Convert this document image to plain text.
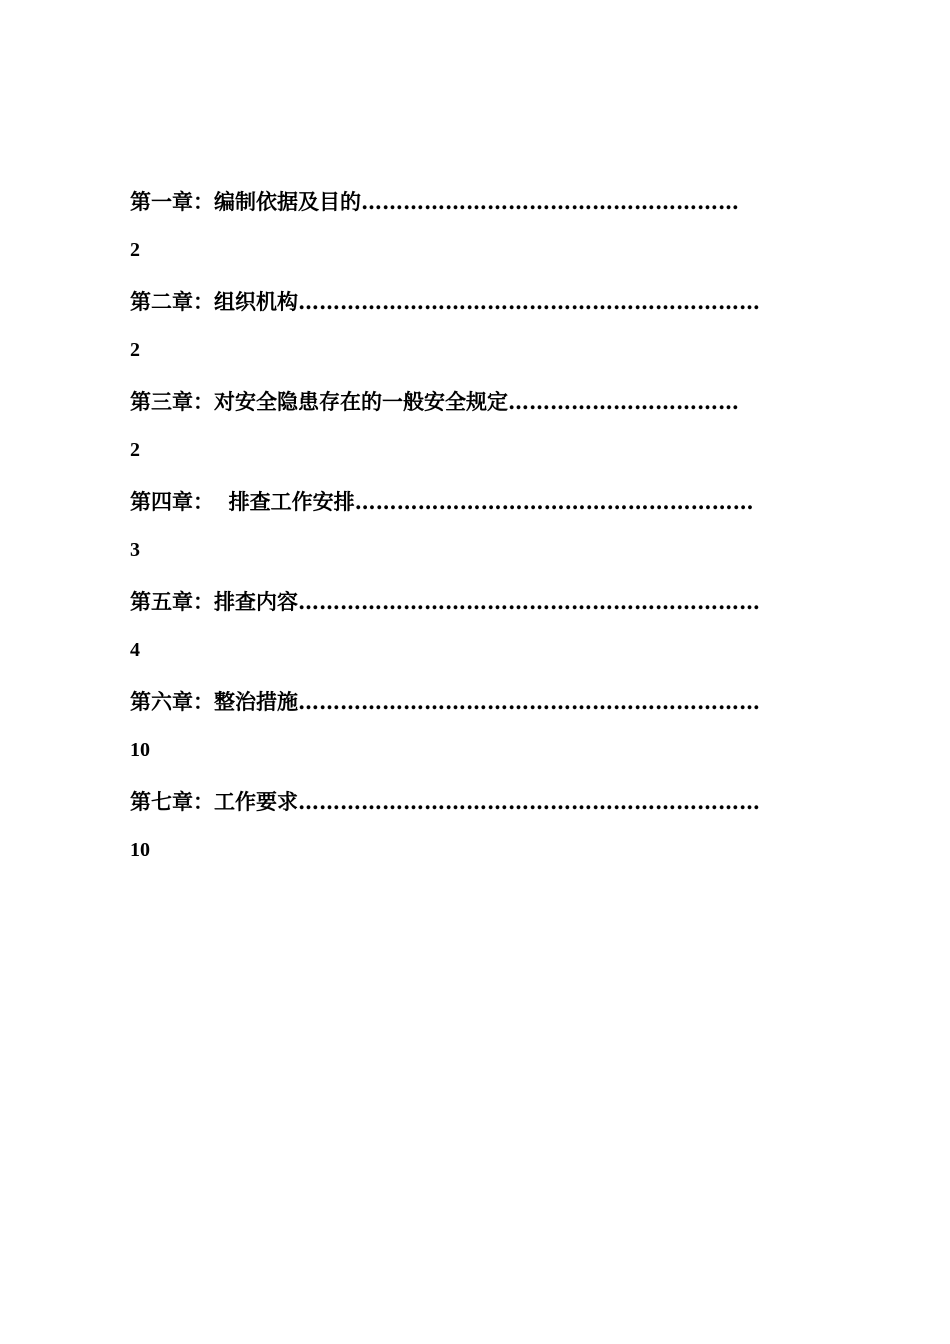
第一章：编制依据及目的………………………………………………
2
第二章：组织机构…………………………………………………………
2
第三章：对安全隐患存在的一般安全规定……………………………
2
第四章：  排查工作安排…………………………………………………
3
第五章：排查内容…………………………………………………………
4
第六章：整治措施…………………………………………………………
10
第七章：工作要求…………………………………………………………
10
